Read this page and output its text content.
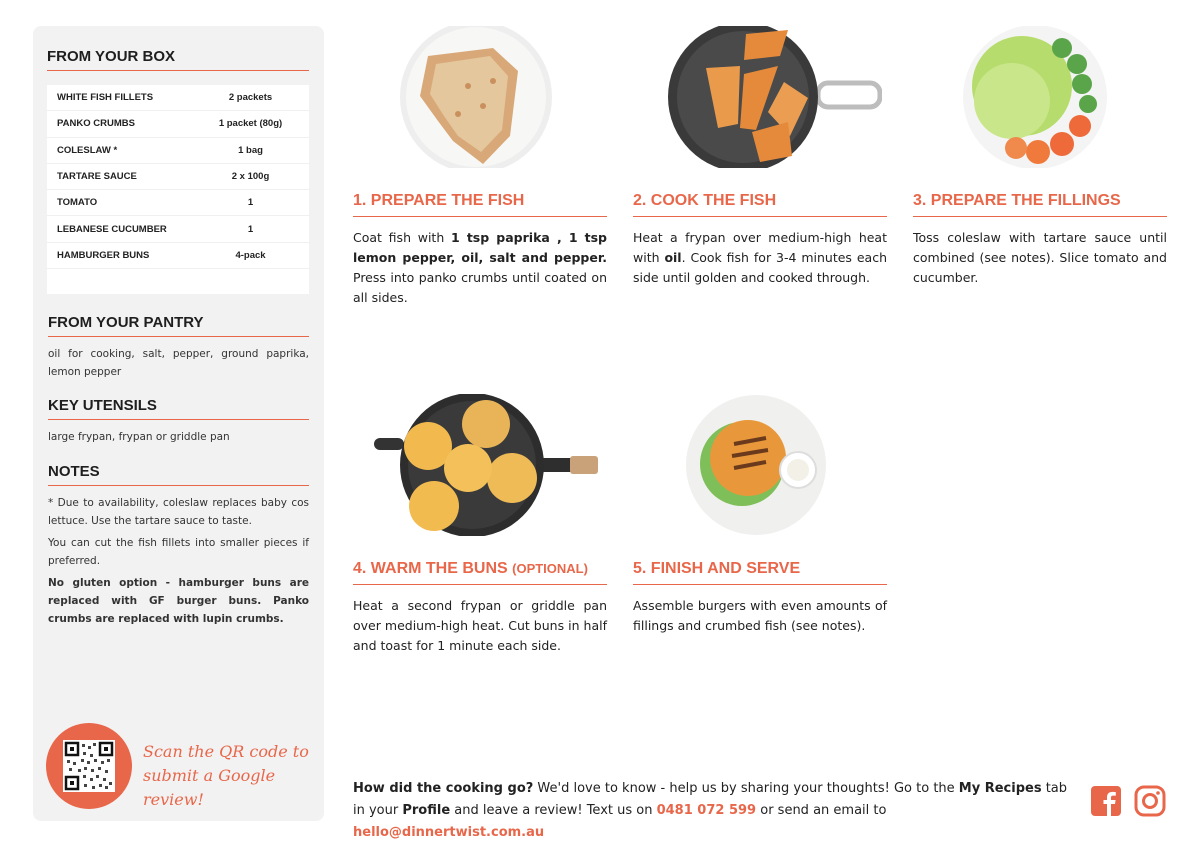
FROM YOUR BOX
WHITE FISH FILLETS	2 packets
PANKO CRUMBS	1 packet (80g)
COLESLAW *	1 bag
TARTARE SAUCE	2 x 100g
TOMATO	1
LEBANESE CUCUMBER	1
HAMBURGER BUNS	4-pack
FROM YOUR PANTRY
oil for cooking, salt, pepper, ground paprika, lemon pepper
KEY UTENSILS
large frypan, frypan or griddle pan
NOTES
* Due to availability, coleslaw replaces baby cos lettuce. Use the tartare sauce to taste.
You can cut the fish fillets into smaller pieces if preferred.
No gluten option - hamburger buns are replaced with GF burger buns. Panko crumbs are replaced with lupin crumbs.
Scan the QR code to submit a Google review!
1. PREPARE THE FISH
Coat fish with 1 tsp paprika , 1 tsp lemon pepper, oil, salt and pepper. Press into panko crumbs until coated on all sides.
2. COOK THE FISH
Heat a frypan over medium-high heat with oil. Cook fish for 3-4 minutes each side until golden and cooked through.
3. PREPARE THE FILLINGS
Toss coleslaw with tartare sauce until combined (see notes). Slice tomato and cucumber.
4. WARM THE BUNS (OPTIONAL)
Heat a second frypan or griddle pan over medium-high heat. Cut buns in half and toast for 1 minute each side.
5. FINISH AND SERVE
Assemble burgers with even amounts of fillings and crumbed fish (see notes).
How did the cooking go? We'd love to know - help us by sharing your thoughts! Go to the My Recipes tab in your Profile and leave a review! Text us on 0481 072 599 or send an email to hello@dinnertwist.com.au
